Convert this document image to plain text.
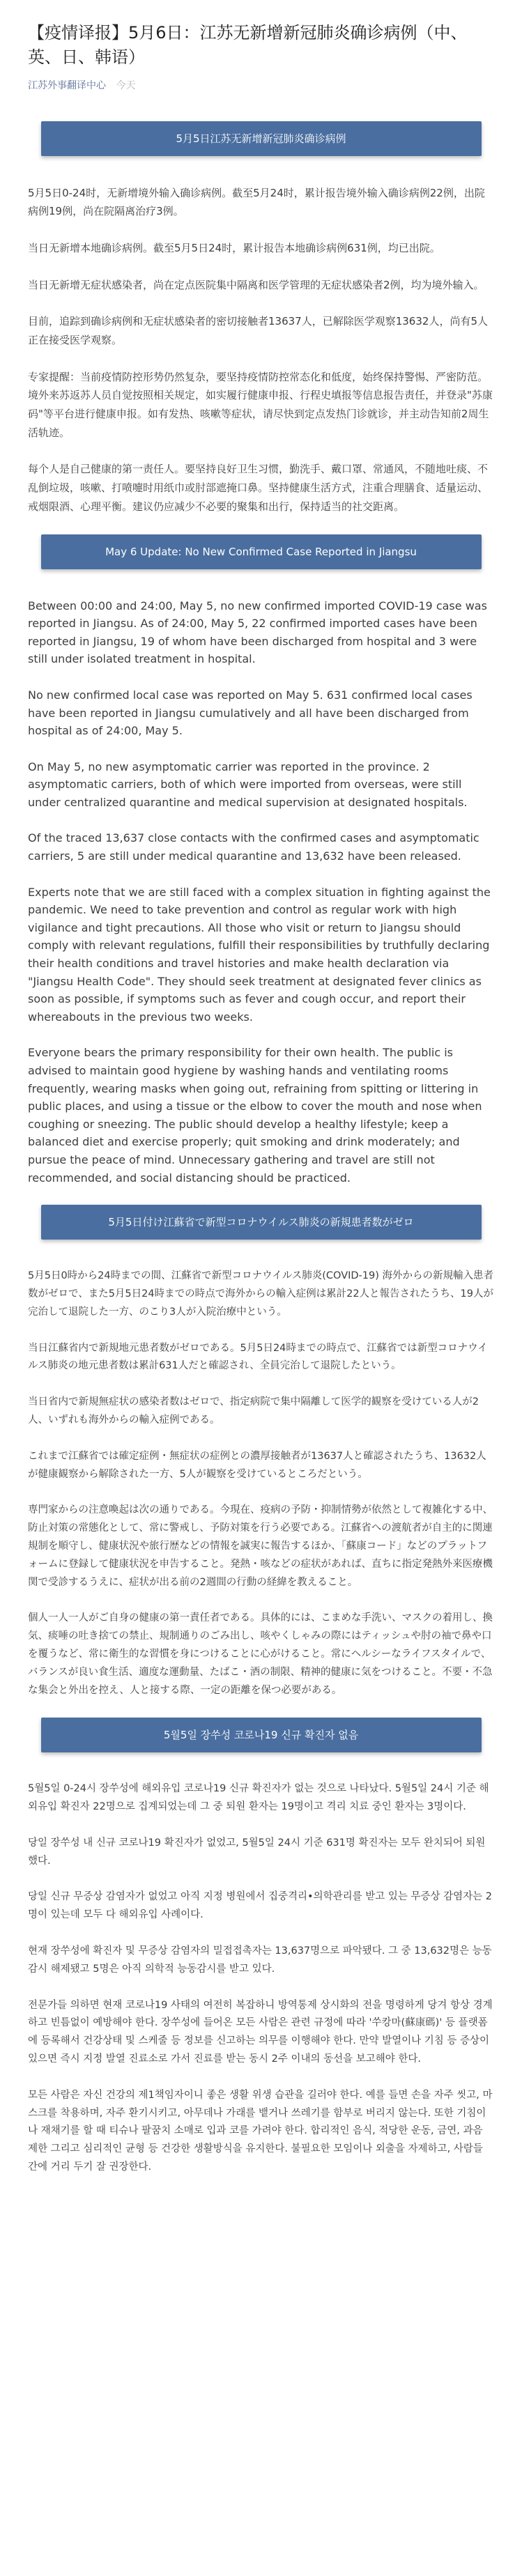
【疫情译报】5月6日：江苏无新增新冠肺炎确诊病例（中、英、日、韩语）
江苏外事翻译中心 今天
5月5日江苏无新增新冠肺炎确诊病例

5月5日0-24时，无新增境外输入确诊病例。截至5月24时，累计报告境外输入确诊病例22例，出院病例19例，尚在院隔离治疗3例。

当日无新增本地确诊病例。截至5月5日24时，累计报告本地确诊病例631例，均已出院。

当日无新增无症状感染者，尚在定点医院集中隔离和医学管理的无症状感染者2例，均为境外输入。

目前，追踪到确诊病例和无症状感染者的密切接触者13637人，已解除医学观察13632人，尚有5人正在接受医学观察。

专家提醒：当前疫情防控形势仍然复杂，要坚持疫情防控常态化和低度，始终保持警惕、严密防范。境外来苏返苏人员自觉按照相关规定，如实履行健康申报、行程史填报等信息报告责任，并登录"苏康码"等平台进行健康申报。如有发热、咳嗽等症状，请尽快到定点发热门诊就诊，并主动告知前2周生活轨迹。

每个人是自己健康的第一责任人。要坚持良好卫生习惯，勤洗手、戴口罩、常通风，不随地吐痰、不乱倒垃圾，咳嗽、打喷嚏时用纸巾或肘部遮掩口鼻。坚持健康生活方式，注重合理膳食、适量运动、戒烟限酒、心理平衡。建议仍应减少不必要的聚集和出行，保持适当的社交距离。

May 6 Update: No New Confirmed Case Reported in Jiangsu

Between 00:00 and 24:00, May 5, no new confirmed imported COVID-19 case was reported in Jiangsu. As of 24:00, May 5, 22 confirmed imported cases have been reported in Jiangsu, 19 of whom have been discharged from hospital and 3 were still under isolated treatment in hospital.

No new confirmed local case was reported on May 5. 631 confirmed local cases have been reported in Jiangsu cumulatively and all have been discharged from hospital as of 24:00, May 5.

On May 5, no new asymptomatic carrier was reported in the province. 2 asymptomatic carriers, both of which were imported from overseas, were still under centralized quarantine and medical supervision at designated hospitals.

Of the traced 13,637 close contacts with the confirmed cases and asymptomatic carriers, 5 are still under medical quarantine and 13,632 have been released.

Experts note that we are still faced with a complex situation in fighting against the pandemic. We need to take prevention and control as regular work with high vigilance and tight precautions. All those who visit or return to Jiangsu should comply with relevant regulations, fulfill their responsibilities by truthfully declaring their health conditions and travel histories and make health declaration via "Jiangsu Health Code". They should seek treatment at designated fever clinics as soon as possible, if symptoms such as fever and cough occur, and report their whereabouts in the previous two weeks.

Everyone bears the primary responsibility for their own health. The public is advised to maintain good hygiene by washing hands and ventilating rooms frequently, wearing masks when going out, refraining from spitting or littering in public places, and using a tissue or the elbow to cover the mouth and nose when coughing or sneezing. The public should develop a healthy lifestyle; keep a balanced diet and exercise properly; quit smoking and drink moderately; and pursue the peace of mind. Unnecessary gathering and travel are still not recommended, and social distancing should be practiced.

5月5日付け江蘇省で新型コロナウイルス肺炎の新規患者数がゼロ

5月5日0時から24時までの間、江蘇省で新型コロナウイルス肺炎(COVID-19) 海外からの新規輸入患者数がゼロで、また5月5日24時までの時点で海外からの輸入症例は累計22人と報告されたうち、19人が完治して退院した一方、のこり3人が入院治療中という。

当日江蘇省内で新規地元患者数がゼロである。5月5日24時までの時点で、江蘇省では新型コロナウイルス肺炎の地元患者数は累計631人だと確認され、全員完治して退院したという。

当日省内で新規無症状の感染者数はゼロで、指定病院で集中隔離して医学的観察を受けている人が2人、いずれも海外からの輸入症例である。

これまで江蘇省では確定症例・無症状の症例との濃厚接触者が13637人と確認されたうち、13632人が健康観察から解除された一方、5人が観察を受けているところだという。

専門家からの注意喚起は次の通りである。今現在、疫病の予防・抑制情勢が依然として複雑化する中、防止対策の常態化として、常に警戒し、予防対策を行う必要である。江蘇省への渡航者が自主的に関連規制を順守し、健康状況や旅行歴などの情報を誠実に報告するほか、「蘇康コード」などのプラットフォームに登録して健康状況を申告すること。発熱・咳などの症状があれば、直ちに指定発熱外来医療機関で受診するうえに、症状が出る前の2週間の行動の経緯を教えること。

個人一人一人がご自身の健康の第一責任者である。具体的には、こまめな手洗い、マスクの着用し、換気、痰唾の吐き捨ての禁止、規制通りのごみ出し、咳やくしゃみの際にはティッシュや肘の袖で鼻や口を覆うなど、常に衛生的な習慣を身につけることに心がけること。常にヘルシーなライフスタイルで、バランスが良い食生活、適度な運動量、たばこ・酒の制限、精神的健康に気をつけること。不要・不急な集会と外出を控え、人と接する際、一定の距離を保つ必要がある。

5월5일 장쑤성 코로나19 신규 확진자 없음

5월5일 0-24시 장쑤성에 해외유입 코로나19 신규 확진자가 없는 것으로 나타났다. 5월5일 24시 기준 해외유입 확진자 22명으로 집계되었는데 그 중 퇴원 환자는 19명이고 격리 치료 중인 환자는 3명이다.

당일 장쑤성 내 신규 코로나19 확진자가 없었고, 5월5일 24시 기준 631명 확진자는 모두 완치되어 퇴원했다.

당일 신규 무증상 감염자가 없었고 아직 지정 병원에서 집중격리•의학관리를 받고 있는 무증상 감염자는 2명이 있는데 모두 다 해외유입 사례이다.

현재 장쑤성에 확진자 및 무증상 감염자의 밀접접촉자는 13,637명으로 파악됐다. 그 중 13,632명은 능동감시 해제됐고 5명은 아직 의학적 능동감시를 받고 있다.

전문가들 의하면 현재 코로나19 사태의 여전히 복잡하니 방역통제 상시화의 전을 명령하게 당겨 항상 경계하고 빈틈없이 예방해야 한다. 장쑤성에 들어온 모든 사람은 관련 규정에 따라 '쑤캉마(蘇康碼)' 등 플랫폼에 등록해서 건강상태 및 스케줄 등 정보를 신고하는 의무를 이행해야 한다. 만약 발열이나 기침 등 증상이 있으면 즉시 지정 발열 진료소로 가서 진료를 받는 동시 2주 이내의 동선을 보고해야 한다.

모든 사람은 자신 건강의 제1책임자이니 좋은 생활 위생 습관을 길러야 한다. 예를 들면 손을 자주 씻고, 마스크를 착용하며, 자주 환기시키고, 아무데나 가래를 뱉거나 쓰레기를 함부로 버리지 않는다. 또한 기침이나 재채기를 할 때 티슈나 팔꿈치 소매로 입과 코를 가려야 한다. 합리적인 음식, 적당한 운동, 금연, 과음 제한 그리고 심리적인 균형 등 건강한 생활방식을 유지한다. 불필요한 모임이나 외출을 자제하고, 사람들 간에 거리 두기 잘 권장한다.
